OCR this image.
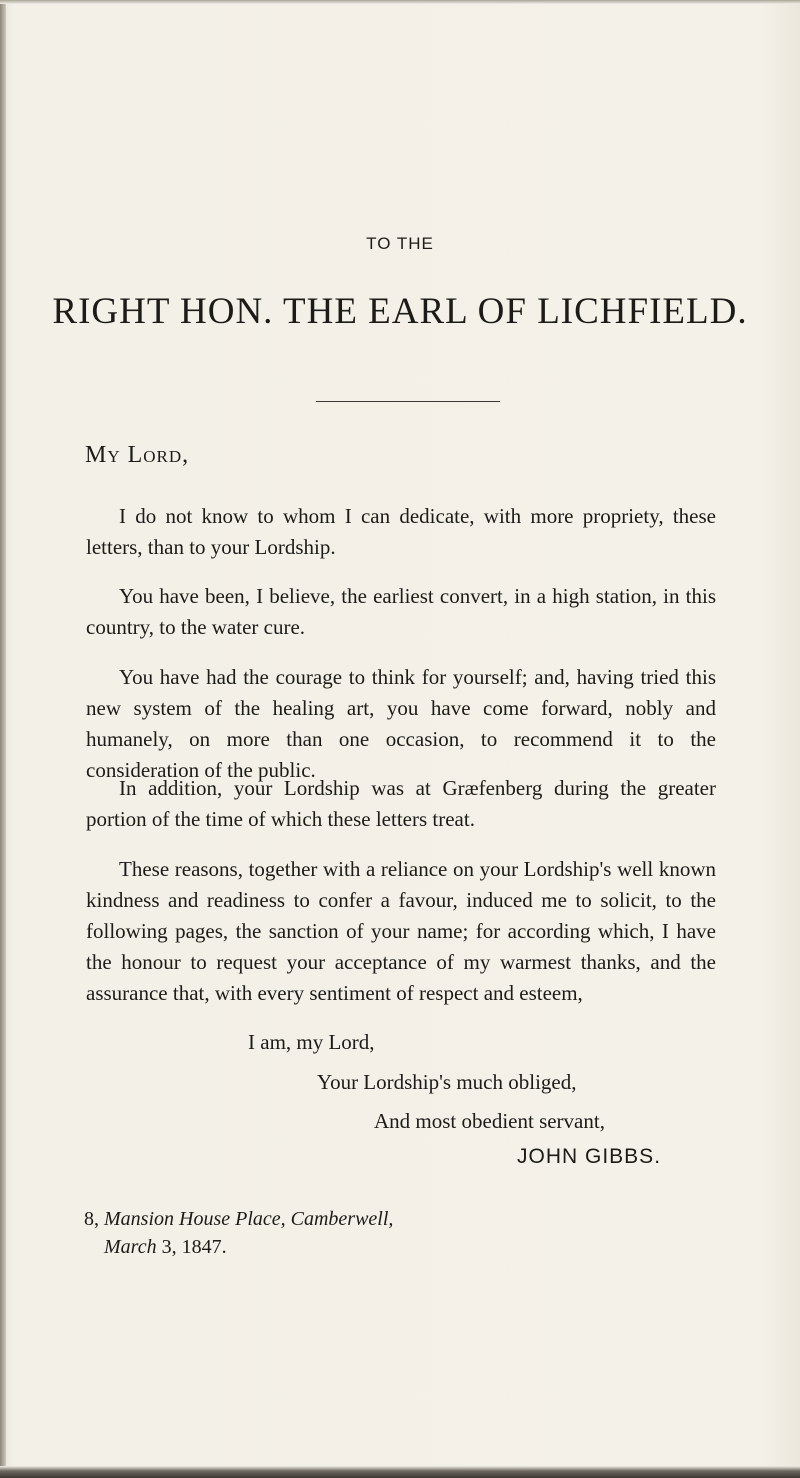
TO THE
RIGHT HON. THE EARL OF LICHFIELD.
My Lord,

I do not know to whom I can dedicate, with more propriety, these letters, than to your Lordship.

You have been, I believe, the earliest convert, in a high station, in this country, to the water cure.

You have had the courage to think for yourself; and, having tried this new system of the healing art, you have come forward, nobly and humanely, on more than one occasion, to recommend it to the consideration of the public.

In addition, your Lordship was at Græfenberg during the greater portion of the time of which these letters treat.

These reasons, together with a reliance on your Lordship's well known kindness and readiness to confer a favour, induced me to solicit, to the following pages, the sanction of your name; for according which, I have the honour to request your acceptance of my warmest thanks, and the assurance that, with every sentiment of respect and esteem,

I am, my Lord,
Your Lordship's much obliged,
And most obedient servant,
JOHN GIBBS.
8, Mansion House Place, Camberwell,
March 3, 1847.
